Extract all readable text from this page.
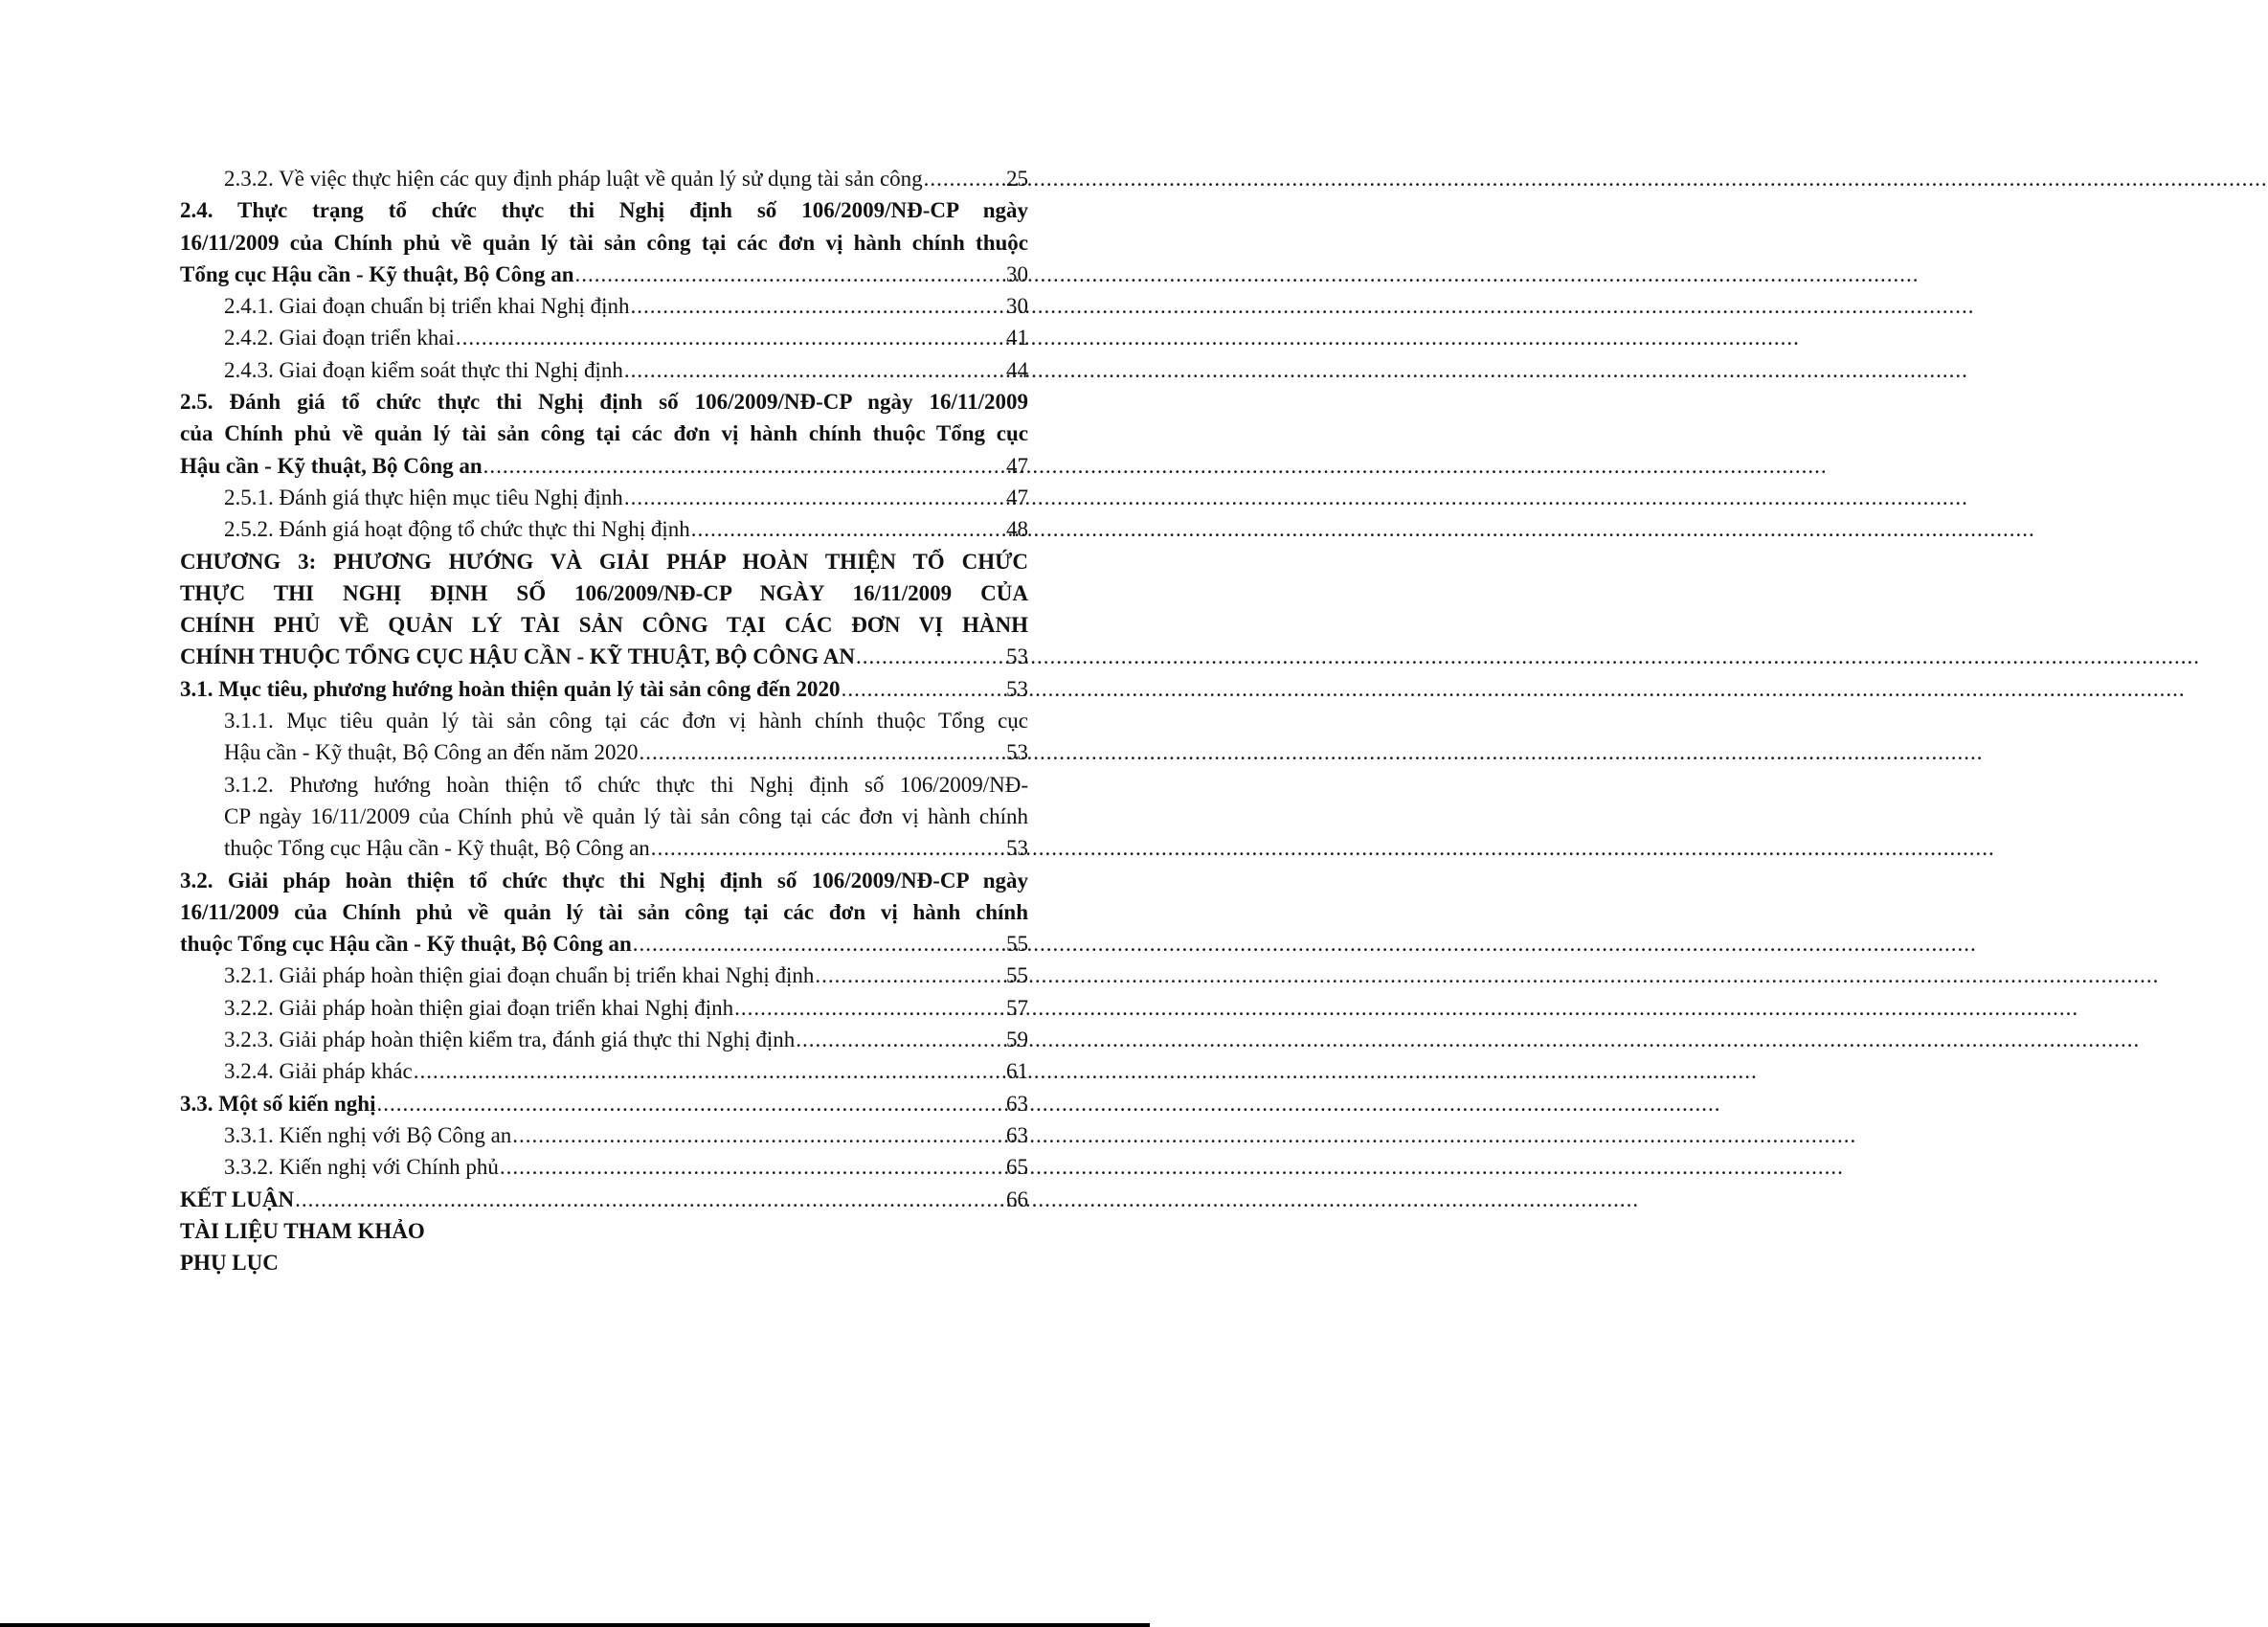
2.3.2. Về việc thực hiện các quy định pháp luật về quản lý sử dụng tài sản công .....	25
2.4. Thực trạng tổ chức thực thi Nghị định số 106/2009/NĐ-CP ngày
16/11/2009 của Chính phủ về quản lý tài sản công tại các đơn vị hành chính thuộc
Tổng cục Hậu cần - Kỹ thuật, Bộ Công an .....	30
2.4.1. Giai đoạn chuẩn bị triển khai Nghị định .....	30
2.4.2. Giai đoạn triển khai .....	41
2.4.3. Giai đoạn kiểm soát thực thi Nghị định .....	44
2.5. Đánh giá tổ chức thực thi Nghị định số 106/2009/NĐ-CP ngày 16/11/2009
của Chính phủ về quản lý tài sản công tại các đơn vị hành chính thuộc Tổng cục
Hậu cần - Kỹ thuật, Bộ Công an .....	47
2.5.1. Đánh giá thực hiện mục tiêu Nghị định .....	47
2.5.2. Đánh giá hoạt động tổ chức thực thi Nghị định .....	48
CHƯƠNG 3: PHƯƠNG HƯỚNG VÀ GIẢI PHÁP HOÀN THIỆN TỔ CHỨC
THỰC THI NGHỊ ĐỊNH SỐ 106/2009/NĐ-CP NGÀY 16/11/2009 CỦA
CHÍNH PHỦ VỀ QUẢN LÝ TÀI SẢN CÔNG TẠI CÁC ĐƠN VỊ HÀNH
CHÍNH THUỘC TỔNG CỤC HẬU CẦN - KỸ THUẬT, BỘ CÔNG AN .....	53
3.1. Mục tiêu, phương hướng hoàn thiện quản lý tài sản công đến 2020 .....	53
3.1.1. Mục tiêu quản lý tài sản công tại các đơn vị hành chính thuộc Tổng cục
Hậu cần - Kỹ thuật, Bộ Công an đến năm 2020 .....	53
3.1.2. Phương hướng hoàn thiện tổ chức thực thi Nghị định số 106/2009/NĐ-
CP ngày 16/11/2009 của Chính phủ về quản lý tài sản công tại các đơn vị hành chính
thuộc Tổng cục Hậu cần - Kỹ thuật, Bộ Công an .....	53
3.2. Giải pháp hoàn thiện tổ chức thực thi Nghị định số 106/2009/NĐ-CP ngày
16/11/2009 của Chính phủ về quản lý tài sản công tại các đơn vị hành chính
thuộc Tổng cục Hậu cần - Kỹ thuật, Bộ Công an .....	55
3.2.1. Giải pháp hoàn thiện giai đoạn chuẩn bị triển khai Nghị định .....	55
3.2.2. Giải pháp hoàn thiện giai đoạn triển khai Nghị định .....	57
3.2.3. Giải pháp hoàn thiện kiểm tra, đánh giá thực thi Nghị định .....	59
3.2.4. Giải pháp khác .....	61
3.3. Một số kiến nghị .....	63
3.3.1. Kiến nghị với Bộ Công an .....	63
3.3.2. Kiến nghị với Chính phủ .....	65
KẾT LUẬN .....	66
TÀI LIỆU THAM KHẢO
PHỤ LỤC
